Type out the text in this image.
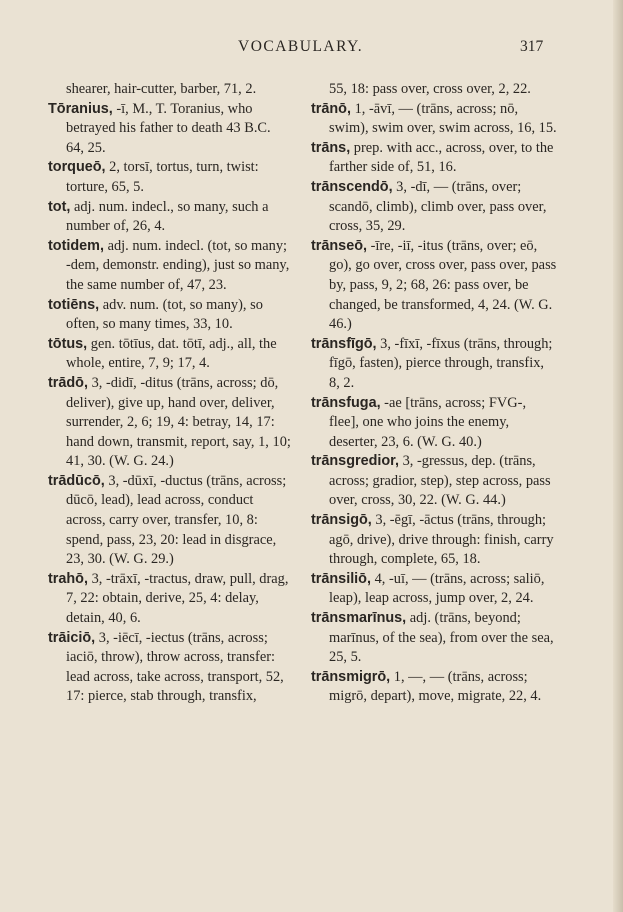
VOCABULARY.	317

shearer, hair-cutter, barber, 71, 2.

Tōranius, -ī, M., T. Toranius, who betrayed his father to death 43 B.C. 64, 25.

torqueō, 2, torsī, tortus, turn, twist: torture, 65, 5.

tot, adj. num. indecl., so many, such a number of, 26, 4.

totidem, adj. num. indecl. (tot, so many; -dem, demonstr. ending), just so many, the same number of, 47, 23.

totiēns, adv. num. (tot, so many), so often, so many times, 33, 10.

tōtus, gen. tōtīus, dat. tōtī, adj., all, the whole, entire, 7, 9; 17, 4.

trādō, 3, -didī, -ditus (trāns, across; dō, deliver), give up, hand over, deliver, surrender, 2, 6; 19, 4: betray, 14, 17: hand down, transmit, report, say, 1, 10; 41, 30. (W. G. 24.)

trādūcō, 3, -dūxī, -ductus (trāns, across; dūcō, lead), lead across, conduct across, carry over, transfer, 10, 8: spend, pass, 23, 20: lead in disgrace, 23, 30. (W. G. 29.)

trahō, 3, -trāxī, -tractus, draw, pull, drag, 7, 22: obtain, derive, 25, 4: delay, detain, 40, 6.

trāiciō, 3, -iēcī, -iectus (trāns, across; iaciō, throw), throw across, transfer: lead across, take across, transport, 52, 17: pierce, stab through, transfix,

55, 18: pass over, cross over, 2, 22.

trānō, 1, -āvī, — (trāns, across; nō, swim), swim over, swim across, 16, 15.

trāns, prep. with acc., across, over, to the farther side of, 51, 16.

trānscendō, 3, -dī, — (trāns, over; scandō, climb), climb over, pass over, cross, 35, 29.

trānseō, -īre, -iī, -itus (trāns, over; eō, go), go over, cross over, pass over, pass by, pass, 9, 2; 68, 26: pass over, be changed, be transformed, 4, 24. (W. G. 46.)

trānsfīgō, 3, -fīxī, -fīxus (trāns, through; fīgō, fasten), pierce through, transfix, 8, 2.

trānsfuga, -ae [trāns, across; FVG-, flee], one who joins the enemy, deserter, 23, 6. (W. G. 40.)

trānsgredior, 3, -gressus, dep. (trāns, across; gradior, step), step across, pass over, cross, 30, 22. (W. G. 44.)

trānsigō, 3, -ēgī, -āctus (trāns, through; agō, drive), drive through: finish, carry through, complete, 65, 18.

trānsiliō, 4, -uī, — (trāns, across; saliō, leap), leap across, jump over, 2, 24.

trānsmarīnus, adj. (trāns, beyond; marīnus, of the sea), from over the sea, 25, 5.

trānsmigrō, 1, —, — (trāns, across; migrō, depart), move, migrate, 22, 4.
